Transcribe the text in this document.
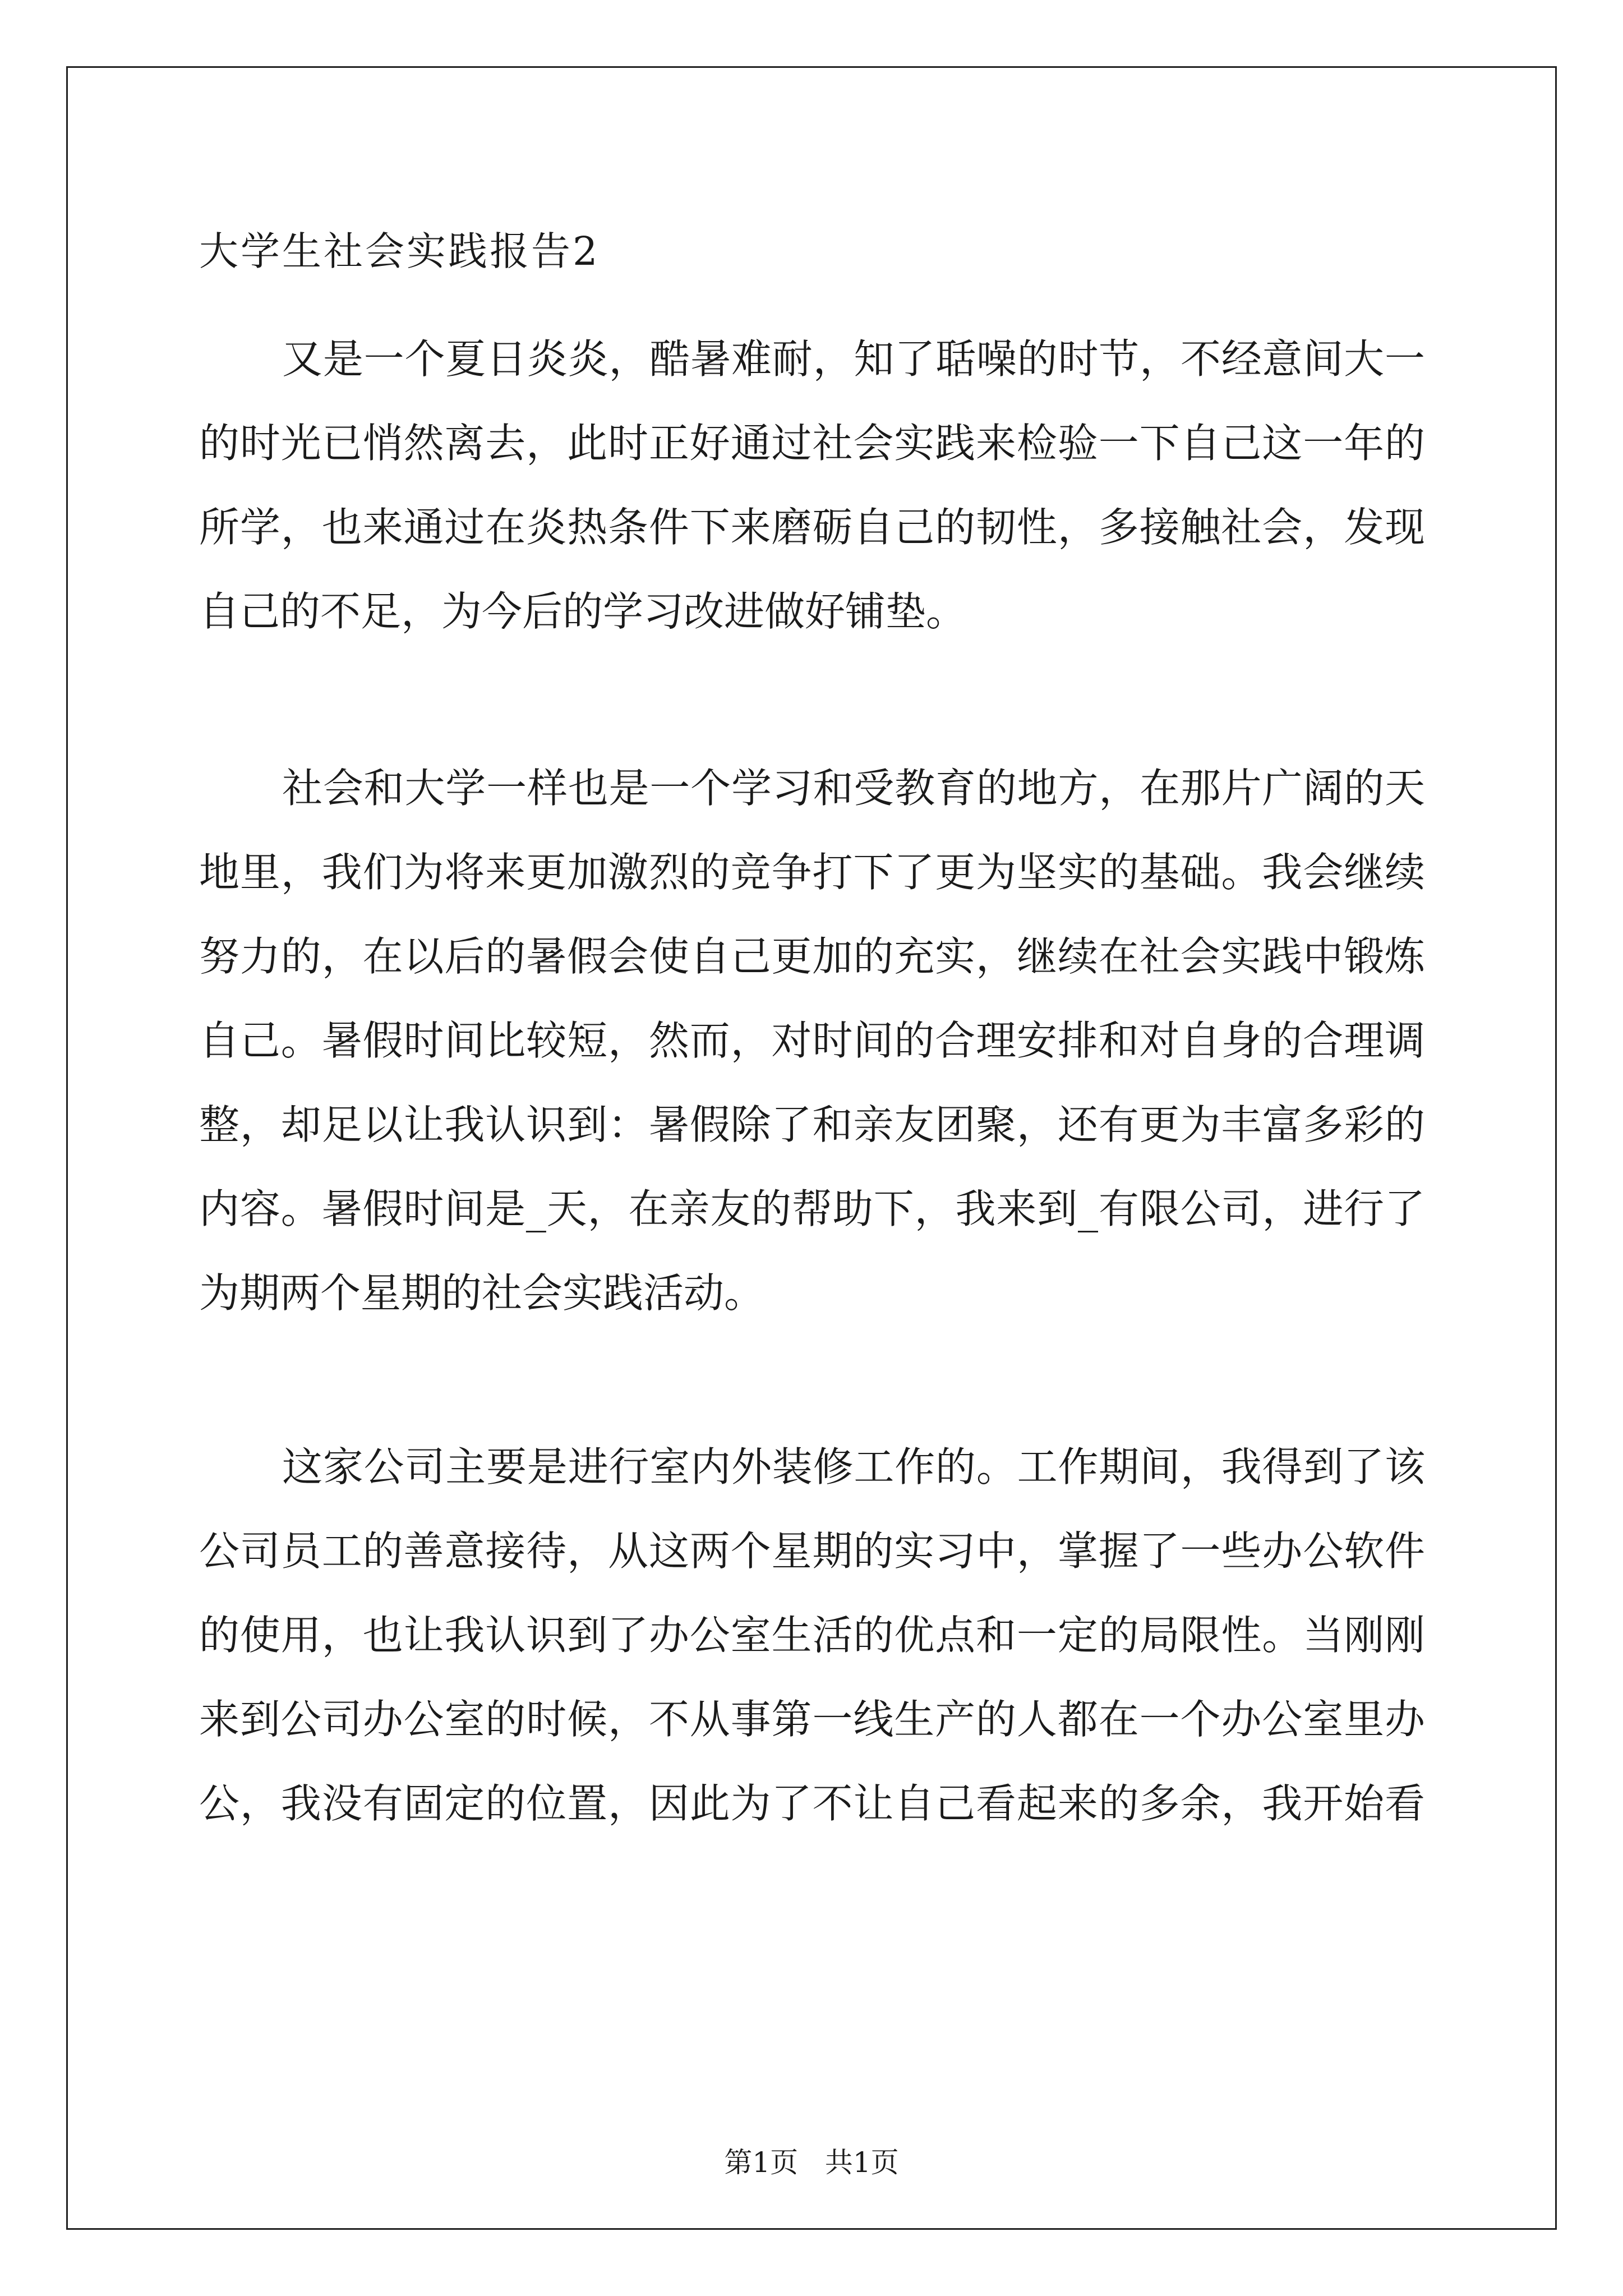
大学生社会实践报告2
又是一个夏日炎炎，酷暑难耐，知了聒噪的时节，不经意间大一
的时光已悄然离去，此时正好通过社会实践来检验一下自己这一年的
所学，也来通过在炎热条件下来磨砺自己的韧性，多接触社会，发现
自己的不足，为今后的学习改进做好铺垫。
社会和大学一样也是一个学习和受教育的地方，在那片广阔的天
地里，我们为将来更加激烈的竞争打下了更为坚实的基础。我会继续
努力的，在以后的暑假会使自己更加的充实，继续在社会实践中锻炼
自己。暑假时间比较短，然而，对时间的合理安排和对自身的合理调
整，却足以让我认识到：暑假除了和亲友团聚，还有更为丰富多彩的
内容。暑假时间是_天，在亲友的帮助下，我来到_有限公司，进行了
为期两个星期的社会实践活动。
这家公司主要是进行室内外装修工作的。工作期间，我得到了该
公司员工的善意接待，从这两个星期的实习中，掌握了一些办公软件
的使用，也让我认识到了办公室生活的优点和一定的局限性。当刚刚
来到公司办公室的时候，不从事第一线生产的人都在一个办公室里办
公，我没有固定的位置，因此为了不让自己看起来的多余，我开始看
第1页   共1页
